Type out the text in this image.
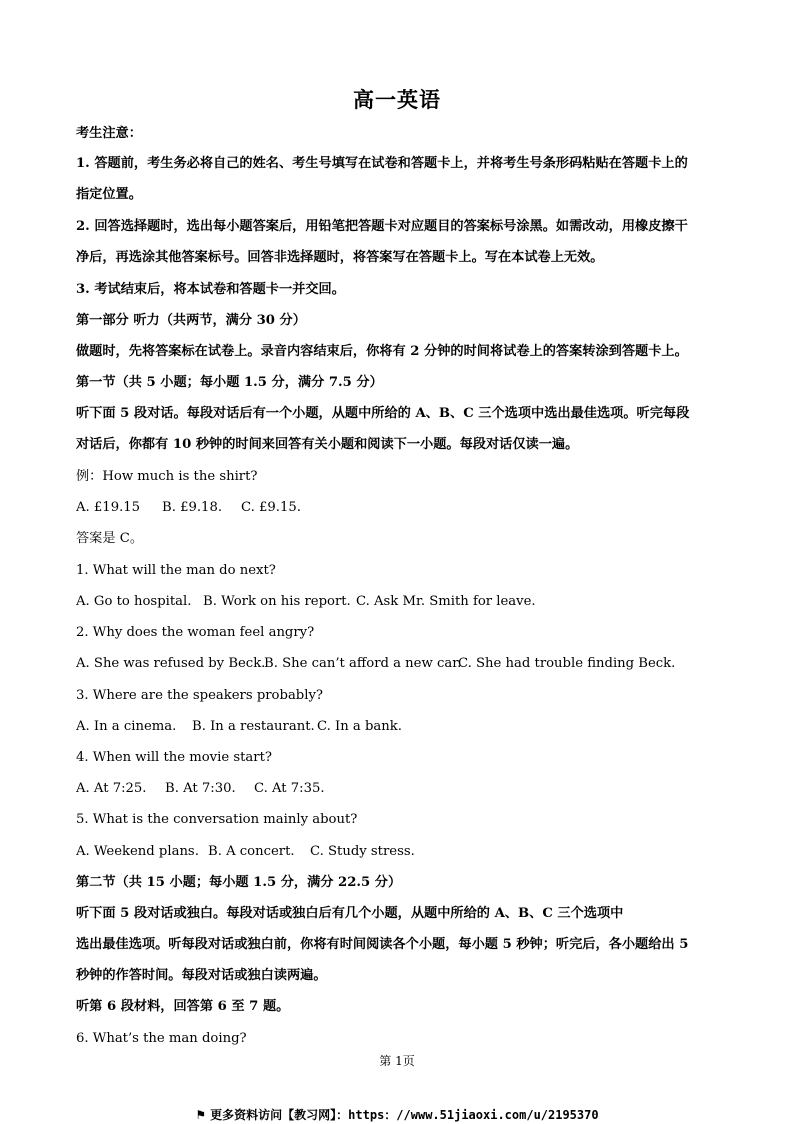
高一英语
考生注意：
1. 答题前，考生务必将自己的姓名、考生号填写在试卷和答题卡上，并将考生号条形码粘贴在答题卡上的
指定位置。
2. 回答选择题时，选出每小题答案后，用铅笔把答题卡对应题目的答案标号涂黑。如需改动，用橡皮擦干
净后，再选涂其他答案标号。回答非选择题时，将答案写在答题卡上。写在本试卷上无效。
3. 考试结束后，将本试卷和答题卡一并交回。
第一部分 听力（共两节，满分 30 分）
做题时，先将答案标在试卷上。录音内容结束后，你将有 2 分钟的时间将试卷上的答案转涂到答题卡上。
第一节（共 5 小题；每小题 1.5 分，满分 7.5 分）
听下面 5 段对话。每段对话后有一个小题，从题中所给的 A、B、C 三个选项中选出最佳选项。听完每段
对话后，你都有 10 秒钟的时间来回答有关小题和阅读下一小题。每段对话仅读一遍。
例：How much is the shirt?
A. £19.15 B. £9.18. C. £9.15.
答案是 C。
1. What will the man do next?
A. Go to hospital. B. Work on his report. C. Ask Mr. Smith for leave.
2. Why does the woman feel angry?
A. She was refused by Beck.B. She can’t afford a new car.C. She had trouble finding Beck.
3. Where are the speakers probably?
A. In a cinema. B. In a restaurant. C. In a bank.
4. When will the movie start?
A. At 7:25. B. At 7:30. C. At 7:35.
5. What is the conversation mainly about?
A. Weekend plans. B. A concert. C. Study stress.
第二节（共 15 小题；每小题 1.5 分，满分 22.5 分）
听下面 5 段对话或独白。每段对话或独白后有几个小题，从题中所给的 A、B、C 三个选项中
选出最佳选项。听每段对话或独白前，你将有时间阅读各个小题，每小题 5 秒钟；听完后，各小题给出 5
秒钟的作答时间。每段对话或独白读两遍。
听第 6 段材料，回答第 6 至 7 题。
6. What’s the man doing?
第 1页
⚑ 更多资料访问【教习网】：https：//www.51jiaoxi.com/u/2195370
